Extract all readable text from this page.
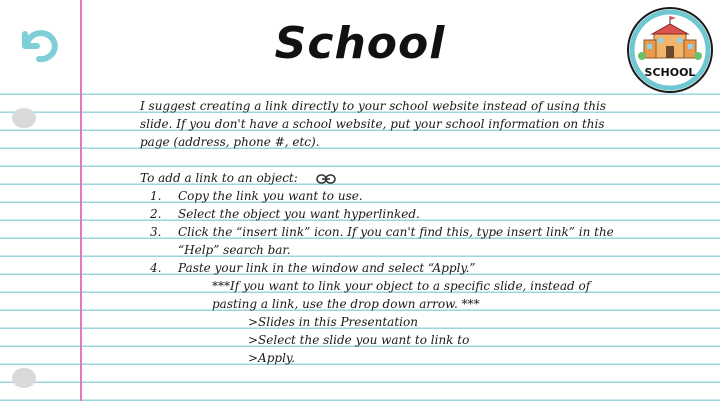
School
SCHOOL

I suggest creating a link directly to your school website instead of using this slide. If you don't have a school website, put your school information on this page (address, phone #, etc).

To add a link to an object:
1. Copy the link you want to use.
2. Select the object you want hyperlinked.
3. Click the “insert link” icon. If you can't find this, type insert link” in the “Help” search bar.
4. Paste your link in the window and select “Apply.”
***If you want to link your object to a specific slide, instead of pasting a link, use the drop down arrow. ***
>Slides in this Presentation
>Select the slide you want to link to
>Apply.
